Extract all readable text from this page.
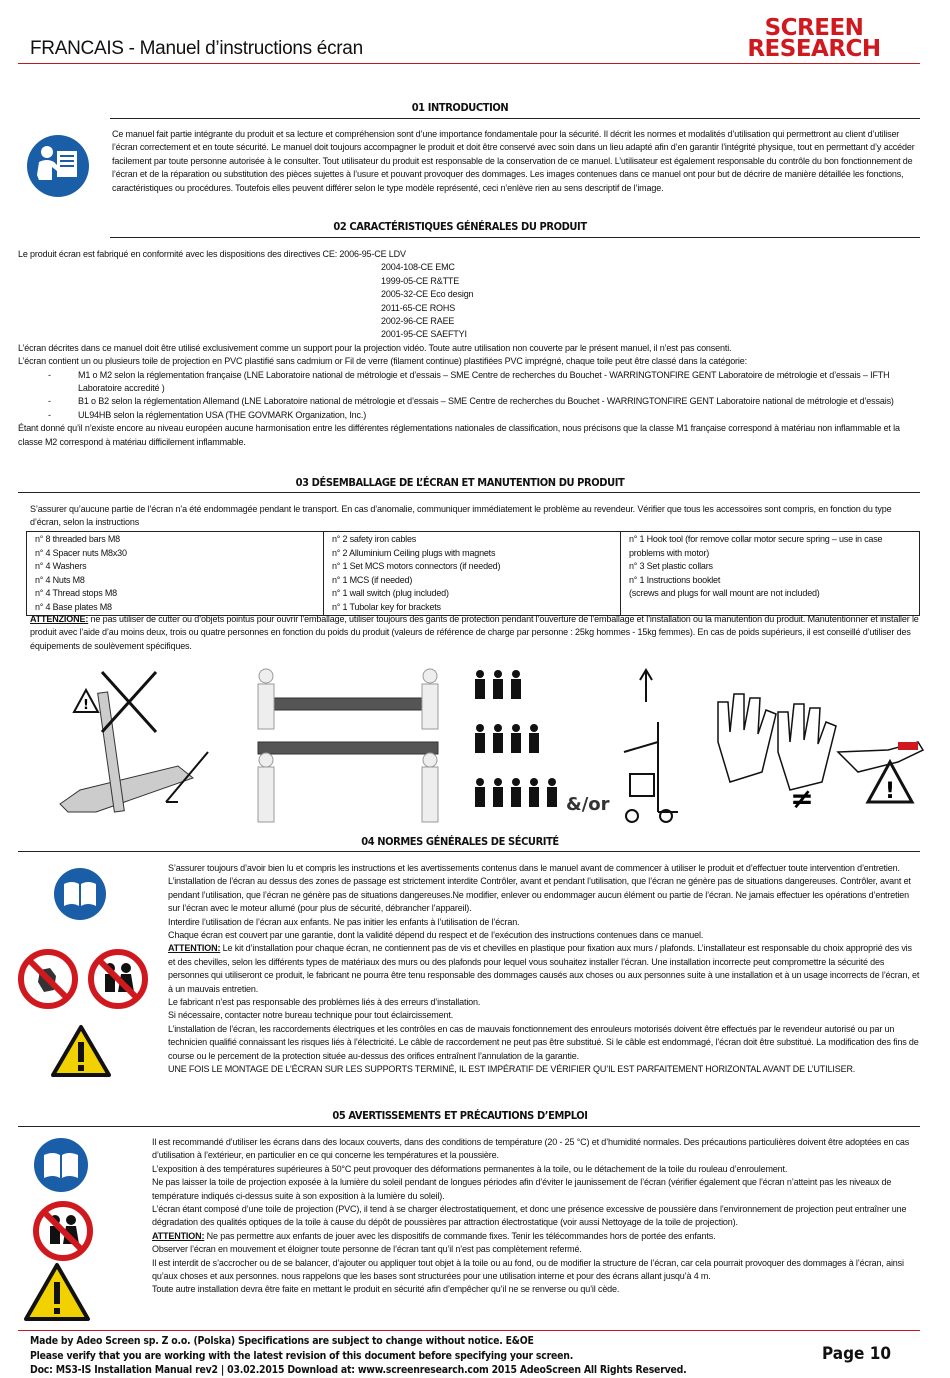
FRANCAIS - Manuel d’instructions écran
SCREEN
RESEARCH
01 INTRODUCTION
Ce manuel fait partie intégrante du produit et sa lecture et compréhension sont d’une importance fondamentale pour la sécurité. Il décrit les normes et modalités d’utilisation qui permettront au client d’utiliser l’écran correctement et en toute sécurité. Le manuel doit toujours accompagner le produit et doit être conservé avec soin dans un lieu adapté afin d’en garantir l’intégrité physique, tout en permettant d’y accéder facilement par toute personne autorisée à le consulter. Tout utilisateur du produit est responsable de la conservation de ce manuel. L’utilisateur est également responsable du contrôle du bon fonctionnement de l’écran et de la réparation ou substitution des pièces sujettes à l’usure et pouvant provoquer des dommages. Les images contenues dans ce manuel ont pour but de décrire de manière détaillée les fonctions, caractéristiques ou procédures. Toutefois elles peuvent différer selon le type modèle représenté, ceci n’enlève rien au sens descriptif de l’image.
02 CARACTÉRISTIQUES GÉNÉRALES DU PRODUIT

Le produit écran est fabriqué en conformité avec les dispositions des directives CE: 2006-95-CE LDV

2004-108-CE EMC

1999-05-CE R&TTE

2005-32-CE Eco design

2011-65-CE ROHS

2002-96-CE RAEE

2001-95-CE SAEFTYI

L’écran décrites dans ce manuel doit être utilisé exclusivement comme un support pour la projection vidéo. Toute autre utilisation non couverte par le présent manuel, il n’est pas consenti.

L’écran contient un ou plusieurs toile de projection en PVC plastifié sans cadmium or Fil de verre (filament continue) plastifiées PVC imprégné, chaque toile peut être classé dans la catégorie:

-	M1 o M2 selon la réglementation française (LNE Laboratoire national de métrologie et d’essais – SME Centre de recherches du Bouchet - WARRINGTONFIRE GENT Laboratoire de métrologie et d’essais – IFTH Laboratoire accredité )

-	B1 o B2 selon la réglementation Allemand (LNE Laboratoire national de métrologie et d’essais – SME Centre de recherches du Bouchet - WARRINGTONFIRE GENT Laboratoire national de métrologie et d’essais)

-	UL94HB selon la réglementation USA (THE GOVMARK Organization, Inc.)

Étant donné qu’il n’existe encore au niveau européen aucune harmonisation entre les différentes réglementations nationales de classification, nous précisons que la classe M1 française correspond à matériau non inflammable et la classe M2 correspond à matériau difficilement inflammable.

03 DÉSEMBALLAGE DE L’ÉCRAN ET MANUTENTION DU PRODUIT
S’assurer qu’aucune partie de l’écran n’a été endommagée pendant le transport. En cas d’anomalie, communiquer immédiatement le problème au revendeur. Vérifier que tous les accessoires sont compris, en fonction du type d’écran, selon la instructions
n° 8 threaded bars M8
n° 4 Spacer nuts M8x30
n° 4 Washers
n° 4 Nuts M8
n° 4 Thread stops M8
n° 4 Base plates M8

n° 2 safety iron cables
n° 2 Alluminium Ceiling plugs with magnets
n° 1 Set MCS motors connectors (if needed)
n° 1 MCS (if needed)
n° 1 wall switch (plug included)
n° 1 Tubolar key for brackets

n° 1 Hook tool (for remove collar motor secure spring – use in case problems with motor)
n° 3 Set plastic collars
n° 1 Instructions booklet
(screws and plugs for wall mount are not included)
ATTENZIONE: ne pas utiliser de cutter ou d’objets pointus pour ouvrir l’emballage, utiliser toujours des gants de protection pendant l’ouverture de l’emballage et l’installation ou la manutention du produit. Manutentionner et installer le produit avec l’aide d’au moins deux, trois ou quatre personnes en fonction du poids du produit (valeurs de référence de charge par personne : 25kg hommes - 15kg femmes). En cas de poids supérieurs, il est conseillé d’utiliser des équipements de soulèvement spécifiques.
!
&/or	≠	!
04 NORMES GÉNÉRALES DE SÉCURITÉ

S’assurer toujours d’avoir bien lu et compris les instructions et les avertissements contenus dans le manuel avant de commencer à utiliser le produit et d’effectuer toute intervention d’entretien.

L’installation de l’écran au dessus des zones de passage est strictement interdite Contrôler, avant et pendant l’utilisation, que l’écran ne génère pas de situations dangereuses. Contrôler, avant et pendant l’utilisation, que l’écran ne génère pas de situations dangereuses.Ne modifier, enlever ou endommager aucun élément ou partie de l’écran. Ne jamais effectuer les opérations d’entretien sur l’écran avec le moteur allumé (pour plus de sécurité, débrancher l’appareil).

Interdire l’utilisation de l’écran aux enfants. Ne pas initier les enfants à l’utilisation de l’écran.

Chaque écran est couvert par une garantie, dont la validité dépend du respect et de l’exécution des instructions contenues dans ce manuel.

ATTENTION: Le kit d’installation pour chaque écran, ne contiennent pas de vis et chevilles en plastique pour fixation aux murs / plafonds. L’installateur est responsable du choix approprié des vis et des chevilles, selon les différents types de matériaux des murs ou des plafonds pour lequel vous souhaitez installer l’écran. Une installation incorrecte peut compromettre la sécurité des personnes qui utiliseront ce produit, le fabricant ne pourra être tenu responsable des dommages causés aux choses ou aux personnes suite à une installation et à un usage incorrects de l’écran, et à un mauvais entretien.

Le fabricant n’est pas responsable des problèmes liés à des erreurs d’installation.

Si nécessaire, contacter notre bureau technique pour tout éclaircissement.

L’installation de l’écran, les raccordements électriques et les contrôles en cas de mauvais fonctionnement des enrouleurs motorisés doivent être effectués par le revendeur autorisé ou par un technicien qualifié connaissant les risques liés à l’électricité. Le câble de raccordement ne peut pas être substitué. Si le câble est endommagé, l’écran doit être substitué. La modification des fins de course ou le percement de la protection située au-dessus des orifices entraînent l’annulation de la garantie.

UNE FOIS LE MONTAGE DE L’ÉCRAN SUR LES SUPPORTS TERMINÉ, IL EST IMPÉRATIF DE VÉRIFIER QU’IL EST PARFAITEMENT HORIZONTAL AVANT DE L’UTILISER.

05 AVERTISSEMENTS ET PRÉCAUTIONS D’EMPLOI

Il est recommandé d’utiliser les écrans dans des locaux couverts, dans des conditions de température (20 - 25 °C) et d’humidité normales. Des précautions particulières doivent être adoptées en cas d’utilisation à l’extérieur, en particulier en ce qui concerne les températures et la poussière.

L’exposition à des températures supérieures à 50°C peut provoquer des déformations permanentes à la toile, ou le détachement de la toile du rouleau d’enroulement.

Ne pas laisser la toile de projection exposée à la lumière du soleil pendant de longues périodes afin d’éviter le jaunissement de l’écran (vérifier également que l’écran n’atteint pas les niveaux de température indiqués ci-dessus suite à son exposition à la lumière du soleil).

L’écran étant composé d’une toile de projection (PVC), il tend à se charger électrostatiquement, et donc une présence excessive de poussière dans l’environnement de projection peut entraîner une dégradation des qualités optiques de la toile à cause du dépôt de poussières par attraction électrostatique (voir aussi Nettoyage de la toile de projection).

ATTENTION: Ne pas permettre aux enfants de jouer avec les dispositifs de commande fixes. Tenir les télécommandes hors de portée des enfants.

Observer l’écran en mouvement et éloigner toute personne de l’écran tant qu’il n’est pas complètement refermé.

Il est interdit de s’accrocher ou de se balancer, d’ajouter ou appliquer tout objet à la toile ou au fond, ou de modifier la structure de l’écran, car cela pourrait provoquer des dommages à l’écran, ainsi qu’aux choses et aux personnes. nous rappelons que les bases sont structurées pour une utilisation interne et pour des écrans allant jusqu’à 4 m.

Toute autre installation devra être faite en mettant le produit en sécurité afin d’empêcher qu’il ne se renverse ou qu’il cède.

Made by Adeo Screen sp. Z o.o. (Polska) Specifications are subject to change without notice. E&OE
Please verify that you are working with the latest revision of this document before specifying your screen.
Doc: MS3-IS Installation Manual rev2 | 03.02.2015 Download at: www.screenresearch.com 2015 AdeoScreen All Rights Reserved.
Page 10
